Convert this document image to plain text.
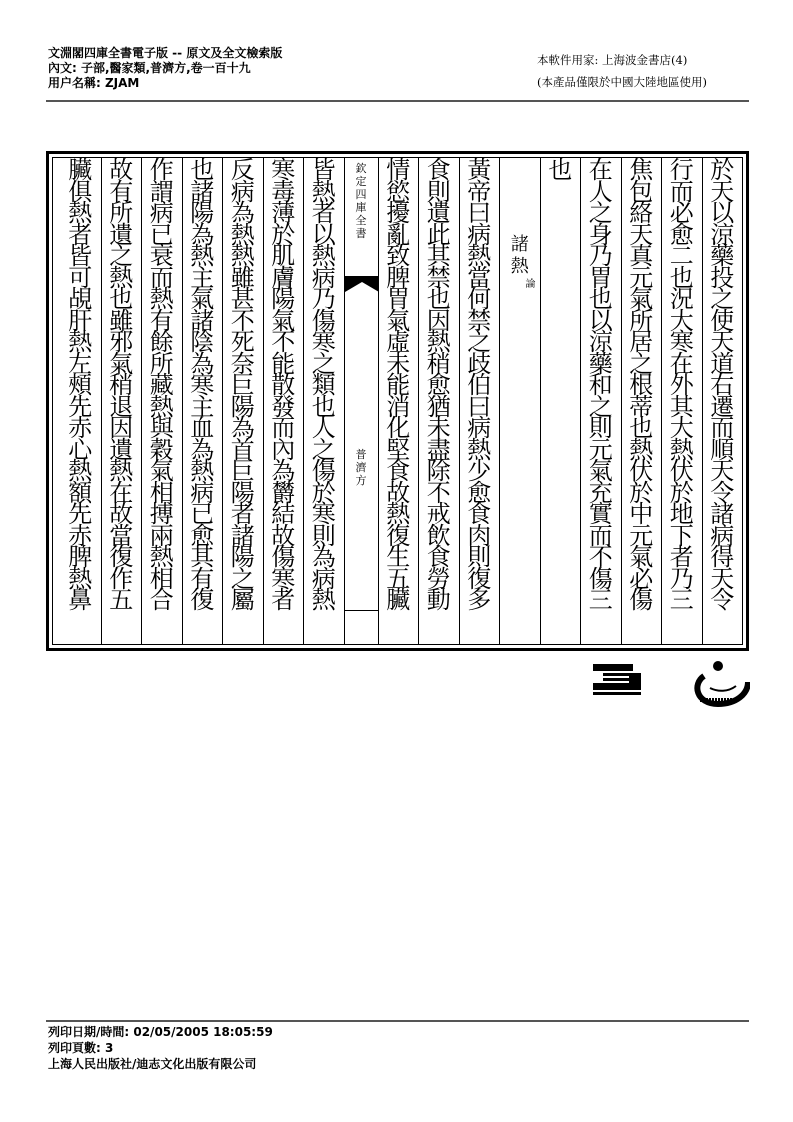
文淵閣四庫全書電子版 -- 原文及全文檢索版
內文: 子部,醫家類,普濟方,卷一百十九
用户名稱: ZJAM
本軟件用家: 上海波金書店(4)
(本產品僅限於中國大陸地區使用)
於
天
以
涼
藥
投
之
使
天
道
右
遷
而
順
天
令
諸
病
得
天
令
行
而
必
愈
二
也
況
大
寒
在
外
其
大
熱
伏
於
地
下
者
乃
三
焦
包
絡
天
真
元
氣
所
居
之
根
蒂
也
熱
伏
於
中
元
氣
必
傷
在
人
之
身
乃
胃
也
以
涼
藥
和
之
則
元
氣
充
實
而
不
傷
三
也
諸
熱
論
黃
帝
曰
病
熱
當
何
禁
之
歧
伯
曰
病
熱
少
愈
食
肉
則
復
多
食
則
遺
此
其
禁
也
因
熱
稍
愈
猶
未
盡
除
不
戒
飲
食
勞
動
情
慾
擾
亂
致
脾
胃
氣
虛
未
能
消
化
堅
食
故
熱
復
生
五
臟
欽
定
四
庫
全
書
普
濟
方
皆
熱
者
以
熱
病
乃
傷
寒
之
類
也
人
之
傷
於
寒
則
為
病
熱
寒
毒
薄
於
肌
膚
陽
氣
不
能
散
發
而
內
為
欝
結
故
傷
寒
者
反
病
為
熱
熱
雖
甚
不
死
奈
巨
陽
為
首
巨
陽
者
諸
陽
之
屬
也
諸
陽
為
熱
主
氣
諸
陰
為
寒
主
血
為
熱
病
已
愈
其
有
復
作
謂
病
已
衰
而
熱
有
餘
所
藏
熱
與
穀
氣
相
搏
兩
熱
相
合
故
有
所
遺
之
熱
也
雖
邪
氣
稍
退
因
遺
熱
在
故
當
復
作
五
臟
俱
熱
者
皆
可
覘
肝
熱
左
頰
先
赤
心
熱
額
先
赤
脾
熱
鼻
列印日期/時間: 02/05/2005 18:05:59
列印頁數: 3
上海人民出版社/迪志文化出版有限公司
